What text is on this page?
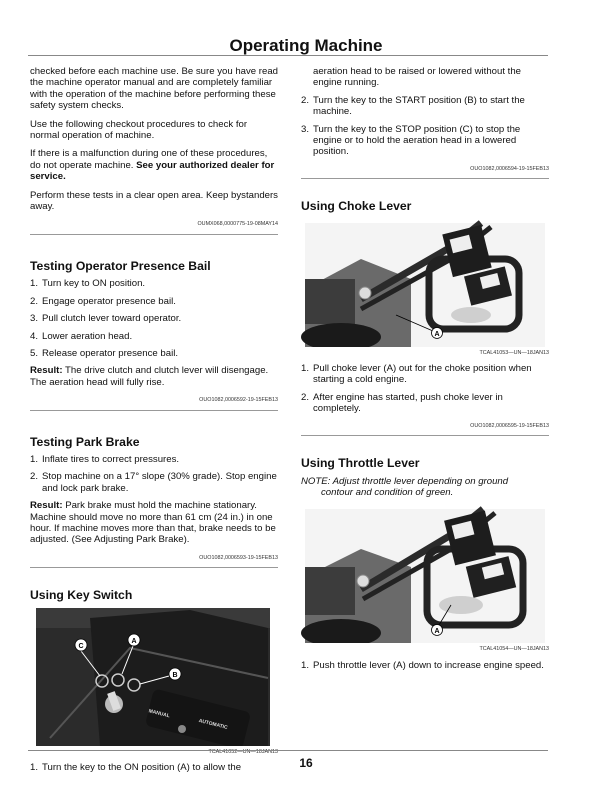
Operating Machine

checked before each machine use. Be sure you have read the machine operator manual and are completely familiar with the operation of the machine before performing these safety system checks.

Use the following checkout procedures to check for normal operation of machine.

If there is a malfunction during one of these procedures, do not operate machine. See your authorized dealer for service.

Perform these tests in a clear open area. Keep bystanders away.

OUMX068,0000775-19-08MAY14
Testing Operator Presence Bail
1. Turn key to ON position.
2. Engage operator presence bail.
3. Pull clutch lever toward operator.
4. Lower aeration head.
5. Release operator presence bail.

Result: The drive clutch and clutch lever will disengage. The aeration head will fully rise.

OUO1082,0006592-19-15FEB13
Testing Park Brake
1. Inflate tires to correct pressures.
2. Stop machine on a 17° slope (30% grade). Stop engine and lock park brake.

Result: Park brake must hold the machine stationary. Machine should move no more than 61 cm (24 in.) in one hour. If machine moves more than that, brake needs to be adjusted. (See Adjusting Park Brake).

OUO1082,0006593-19-15FEB13
Using Key Switch
MANUAL
AUTOMATIC
C
A
B
TCAL41052—UN—18JAN13
1. Turn the key to the ON position (A) to allow the
aeration head to be raised or lowered without the engine running.
2. Turn the key to the START position (B) to start the machine.
3. Turn the key to the STOP position (C) to stop the engine or to hold the aeration head in a lowered position.
OUO1082,0006594-19-15FEB13
Using Choke Lever
A
TCAL41053—UN—18JAN13
1. Pull choke lever (A) out for the choke position when starting a cold engine.
2. After engine has started, push choke lever in completely.
OUO1082,0006595-19-15FEB13
Using Throttle Lever

NOTE: Adjust throttle lever depending on ground
contour and condition of green.

A
TCAL41054—UN—18JAN13
1. Push throttle lever (A) down to increase engine speed.
16
